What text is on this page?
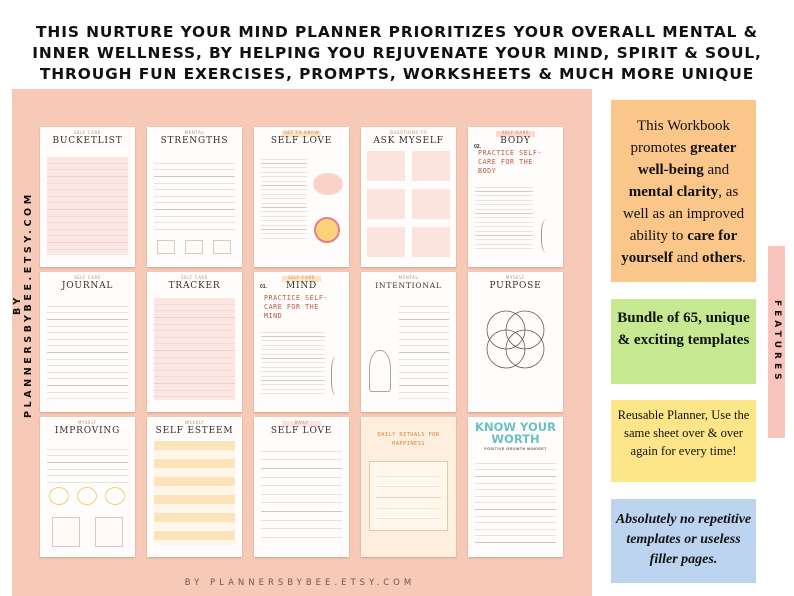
THIS NURTURE YOUR MIND PLANNER PRIORITIZES YOUR OVERALL MENTAL & INNER WELLNESS, BY HELPING YOU REJUVENATE YOUR MIND, SPIRIT & SOUL, THROUGH FUN EXERCISES, PROMPTS, WORKSHEETS & MUCH MORE UNIQUE
BY PLANNERSBYBEE.ETSY.COM
BY PLANNERSBYBEE.ETSY.COM
SELF CARE
BUCKETLIST
MENTAL
STRENGTHS
GET TO KNOW
SELF LOVE
QUESTIONS TO
ASK MYSELF
SELF-CARE
BODY
02.
PRACTICE SELF-CARE FOR THE BODY
SELF CARE
JOURNAL
SELF CARE
TRACKER
SELF CARE
MIND
01.
PRACTICE SELF-CARE FOR THE MIND
MENTAL
INTENTIONAL
MYSELF
PURPOSE
MYSELF
IMPROVING
WEEKLY
SELF ESTEEM
DAILY
SELF LOVE	DAILY RITUALS FOR HAPPINESS
KNOW YOUR WORTH
POSITIVE GROWTH MINDSET
This Workbook promotes greater well-being and mental clarity, as well as an improved ability to care for yourself and others.
Bundle of 65, unique & exciting templates
Reusable Planner, Use the same sheet over & over again for every time!
Absolutely no repetitive templates or useless filler pages.
FEATURES
